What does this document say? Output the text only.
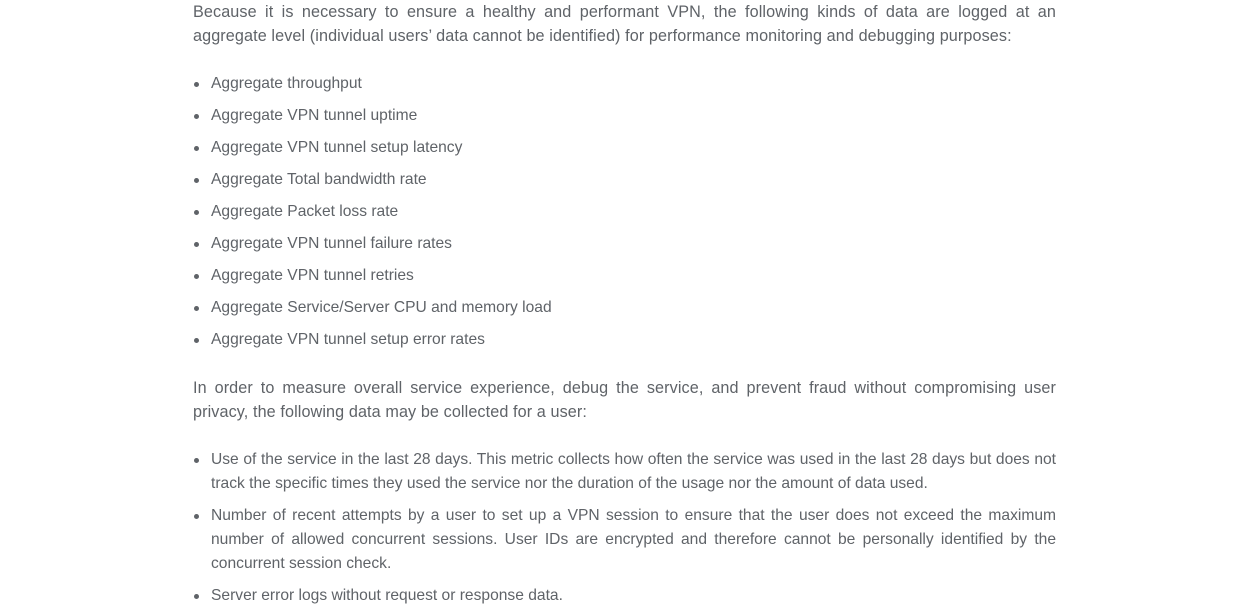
Because it is necessary to ensure a healthy and performant VPN, the following kinds of data are logged at an aggregate level (individual users’ data cannot be identified) for performance monitoring and debugging purposes:

Aggregate throughput
Aggregate VPN tunnel uptime
Aggregate VPN tunnel setup latency
Aggregate Total bandwidth rate
Aggregate Packet loss rate
Aggregate VPN tunnel failure rates
Aggregate VPN tunnel retries
Aggregate Service/Server CPU and memory load
Aggregate VPN tunnel setup error rates

In order to measure overall service experience, debug the service, and prevent fraud without compromising user privacy, the following data may be collected for a user:

Use of the service in the last 28 days. This metric collects how often the service was used in the last 28 days but does not track the specific times they used the service nor the duration of the usage nor the amount of data used.
Number of recent attempts by a user to set up a VPN session to ensure that the user does not exceed the maximum number of allowed concurrent sessions. User IDs are encrypted and therefore cannot be personally identified by the concurrent session check.
Server error logs without request or response data.
